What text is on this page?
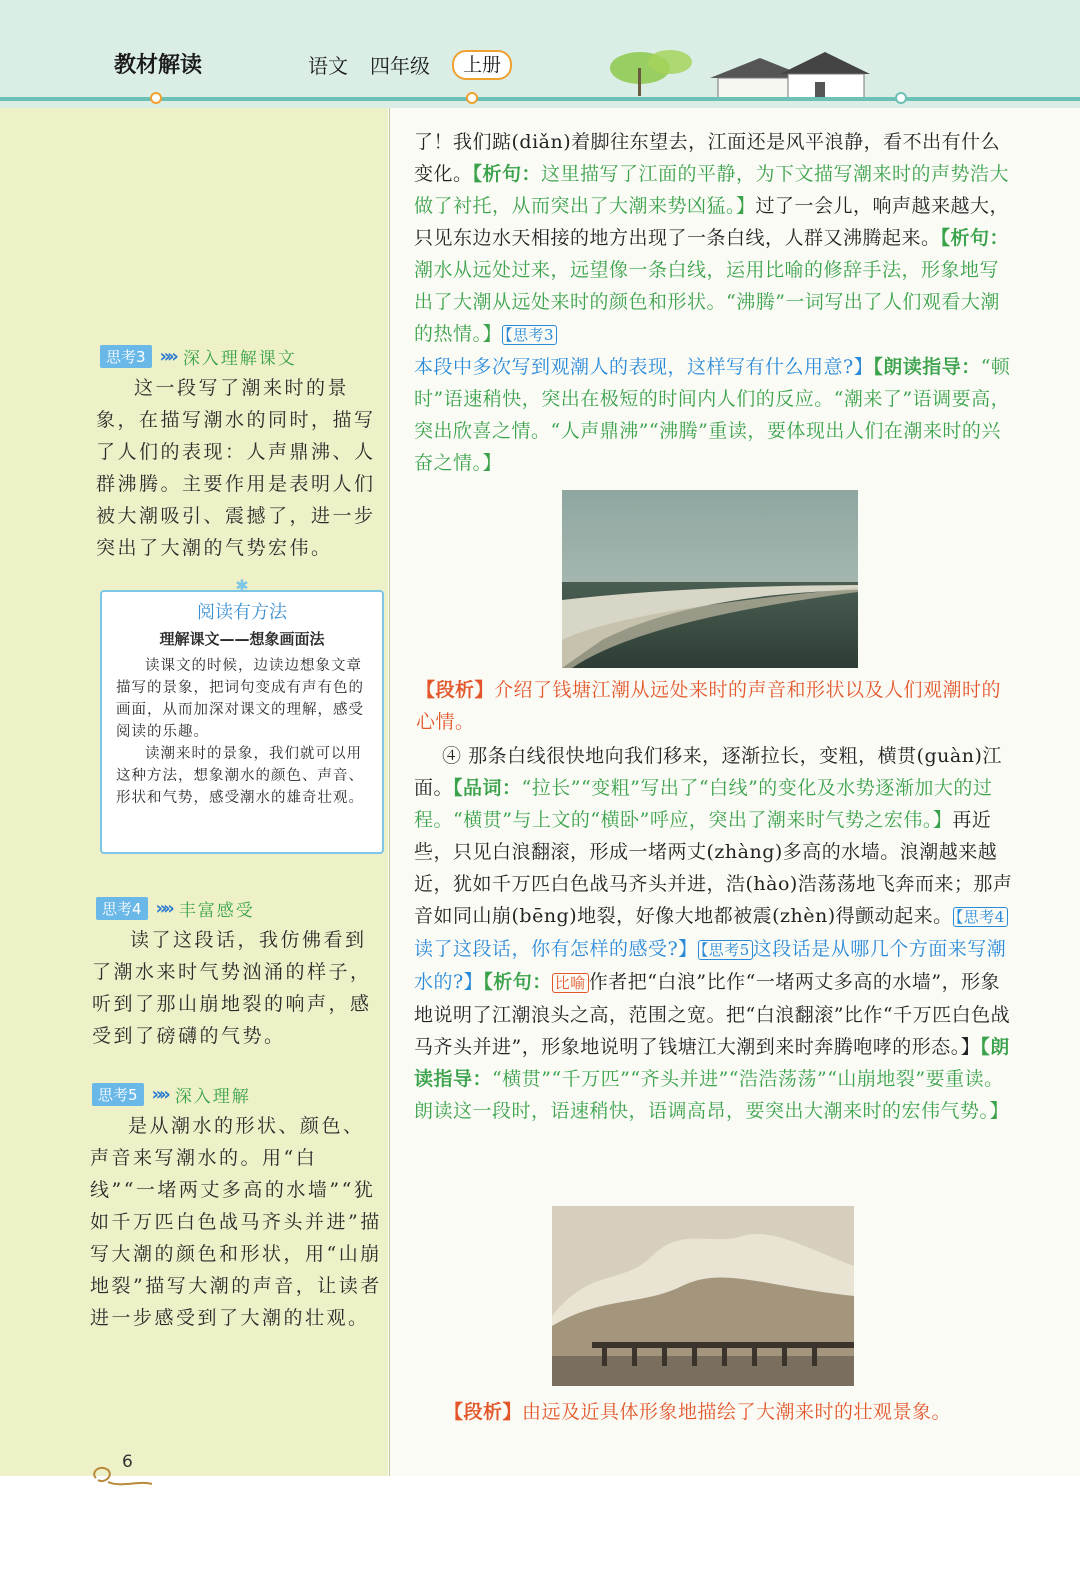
教材解读	语文 四年级	上册
思考3 »» 深入理解课文
这一段写了潮来时的景象，在描写潮水的同时，描写了人们的表现：人声鼎沸、人群沸腾。主要作用是表明人们被大潮吸引、震撼了，进一步突出了大潮的气势宏伟。
✱
阅读有方法
理解课文——想象画面法
读课文的时候，边读边想象文章描写的景象，把词句变成有声有色的画面，从而加深对课文的理解，感受阅读的乐趣。
读潮来时的景象，我们就可以用这种方法，想象潮水的颜色、声音、形状和气势，感受潮水的雄奇壮观。
思考4 »» 丰富感受
读了这段话，我仿佛看到了潮水来时气势汹涌的样子，听到了那山崩地裂的响声，感受到了磅礴的气势。
思考5 »» 深入理解
是从潮水的形状、颜色、声音来写潮水的。用“白线”“一堵两丈多高的水墙”“犹如千万匹白色战马齐头并进”描写大潮的颜色和形状，用“山崩地裂”描写大潮的声音，让读者进一步感受到了大潮的壮观。
了！我们踮(diǎn)着脚往东望去，江面还是风平浪静，看不出有什么变化。【析句：这里描写了江面的平静，为下文描写潮来时的声势浩大做了衬托，从而突出了大潮来势凶猛。】过了一会儿，响声越来越大，只见东边水天相接的地方出现了一条白线，人群又沸腾起来。【析句：潮水从远处过来，远望像一条白线，运用比喻的修辞手法，形象地写出了大潮从远处来时的颜色和形状。“沸腾”一词写出了人们观看大潮的热情。】 【思考3本段中多次写到观潮人的表现，这样写有什么用意?】【朗读指导：“顿时”语速稍快，突出在极短的时间内人们的反应。“潮来了”语调要高，突出欣喜之情。“人声鼎沸”“沸腾”重读，要体现出人们在潮来时的兴奋之情。】
【段析】介绍了钱塘江潮从远处来时的声音和形状以及人们观潮时的心情。
④ 那条白线很快地向我们移来，逐渐拉长，变粗，横贯(guàn)江面。【品词：“拉长”“变粗”写出了“白线”的变化及水势逐渐加大的过程。“横贯”与上文的“横卧”呼应，突出了潮来时气势之宏伟。】再近些，只见白浪翻滚，形成一堵两丈(zhàng)多高的水墙。浪潮越来越近，犹如千万匹白色战马齐头并进，浩(hào)浩荡荡地飞奔而来；那声音如同山崩(bēng)地裂，好像大地都被震(zhèn)得颤动起来。 【思考4读了这段话，你有怎样的感受?】 【思考5 这段话是从哪几个方面来写潮水的?】【析句： 比喻 作者把“白浪”比作“一堵两丈多高的水墙”，形象地说明了江潮浪头之高，范围之宽。把“白浪翻滚”比作“千万匹白色战马齐头并进”，形象地说明了钱塘江大潮到来时奔腾咆哮的形态。】【朗读指导：“横贯”“千万匹”“齐头并进”“浩浩荡荡”“山崩地裂”要重读。朗读这一段时，语速稍快，语调高昂，要突出大潮来时的宏伟气势。】
【段析】由远及近具体形象地描绘了大潮来时的壮观景象。
6
